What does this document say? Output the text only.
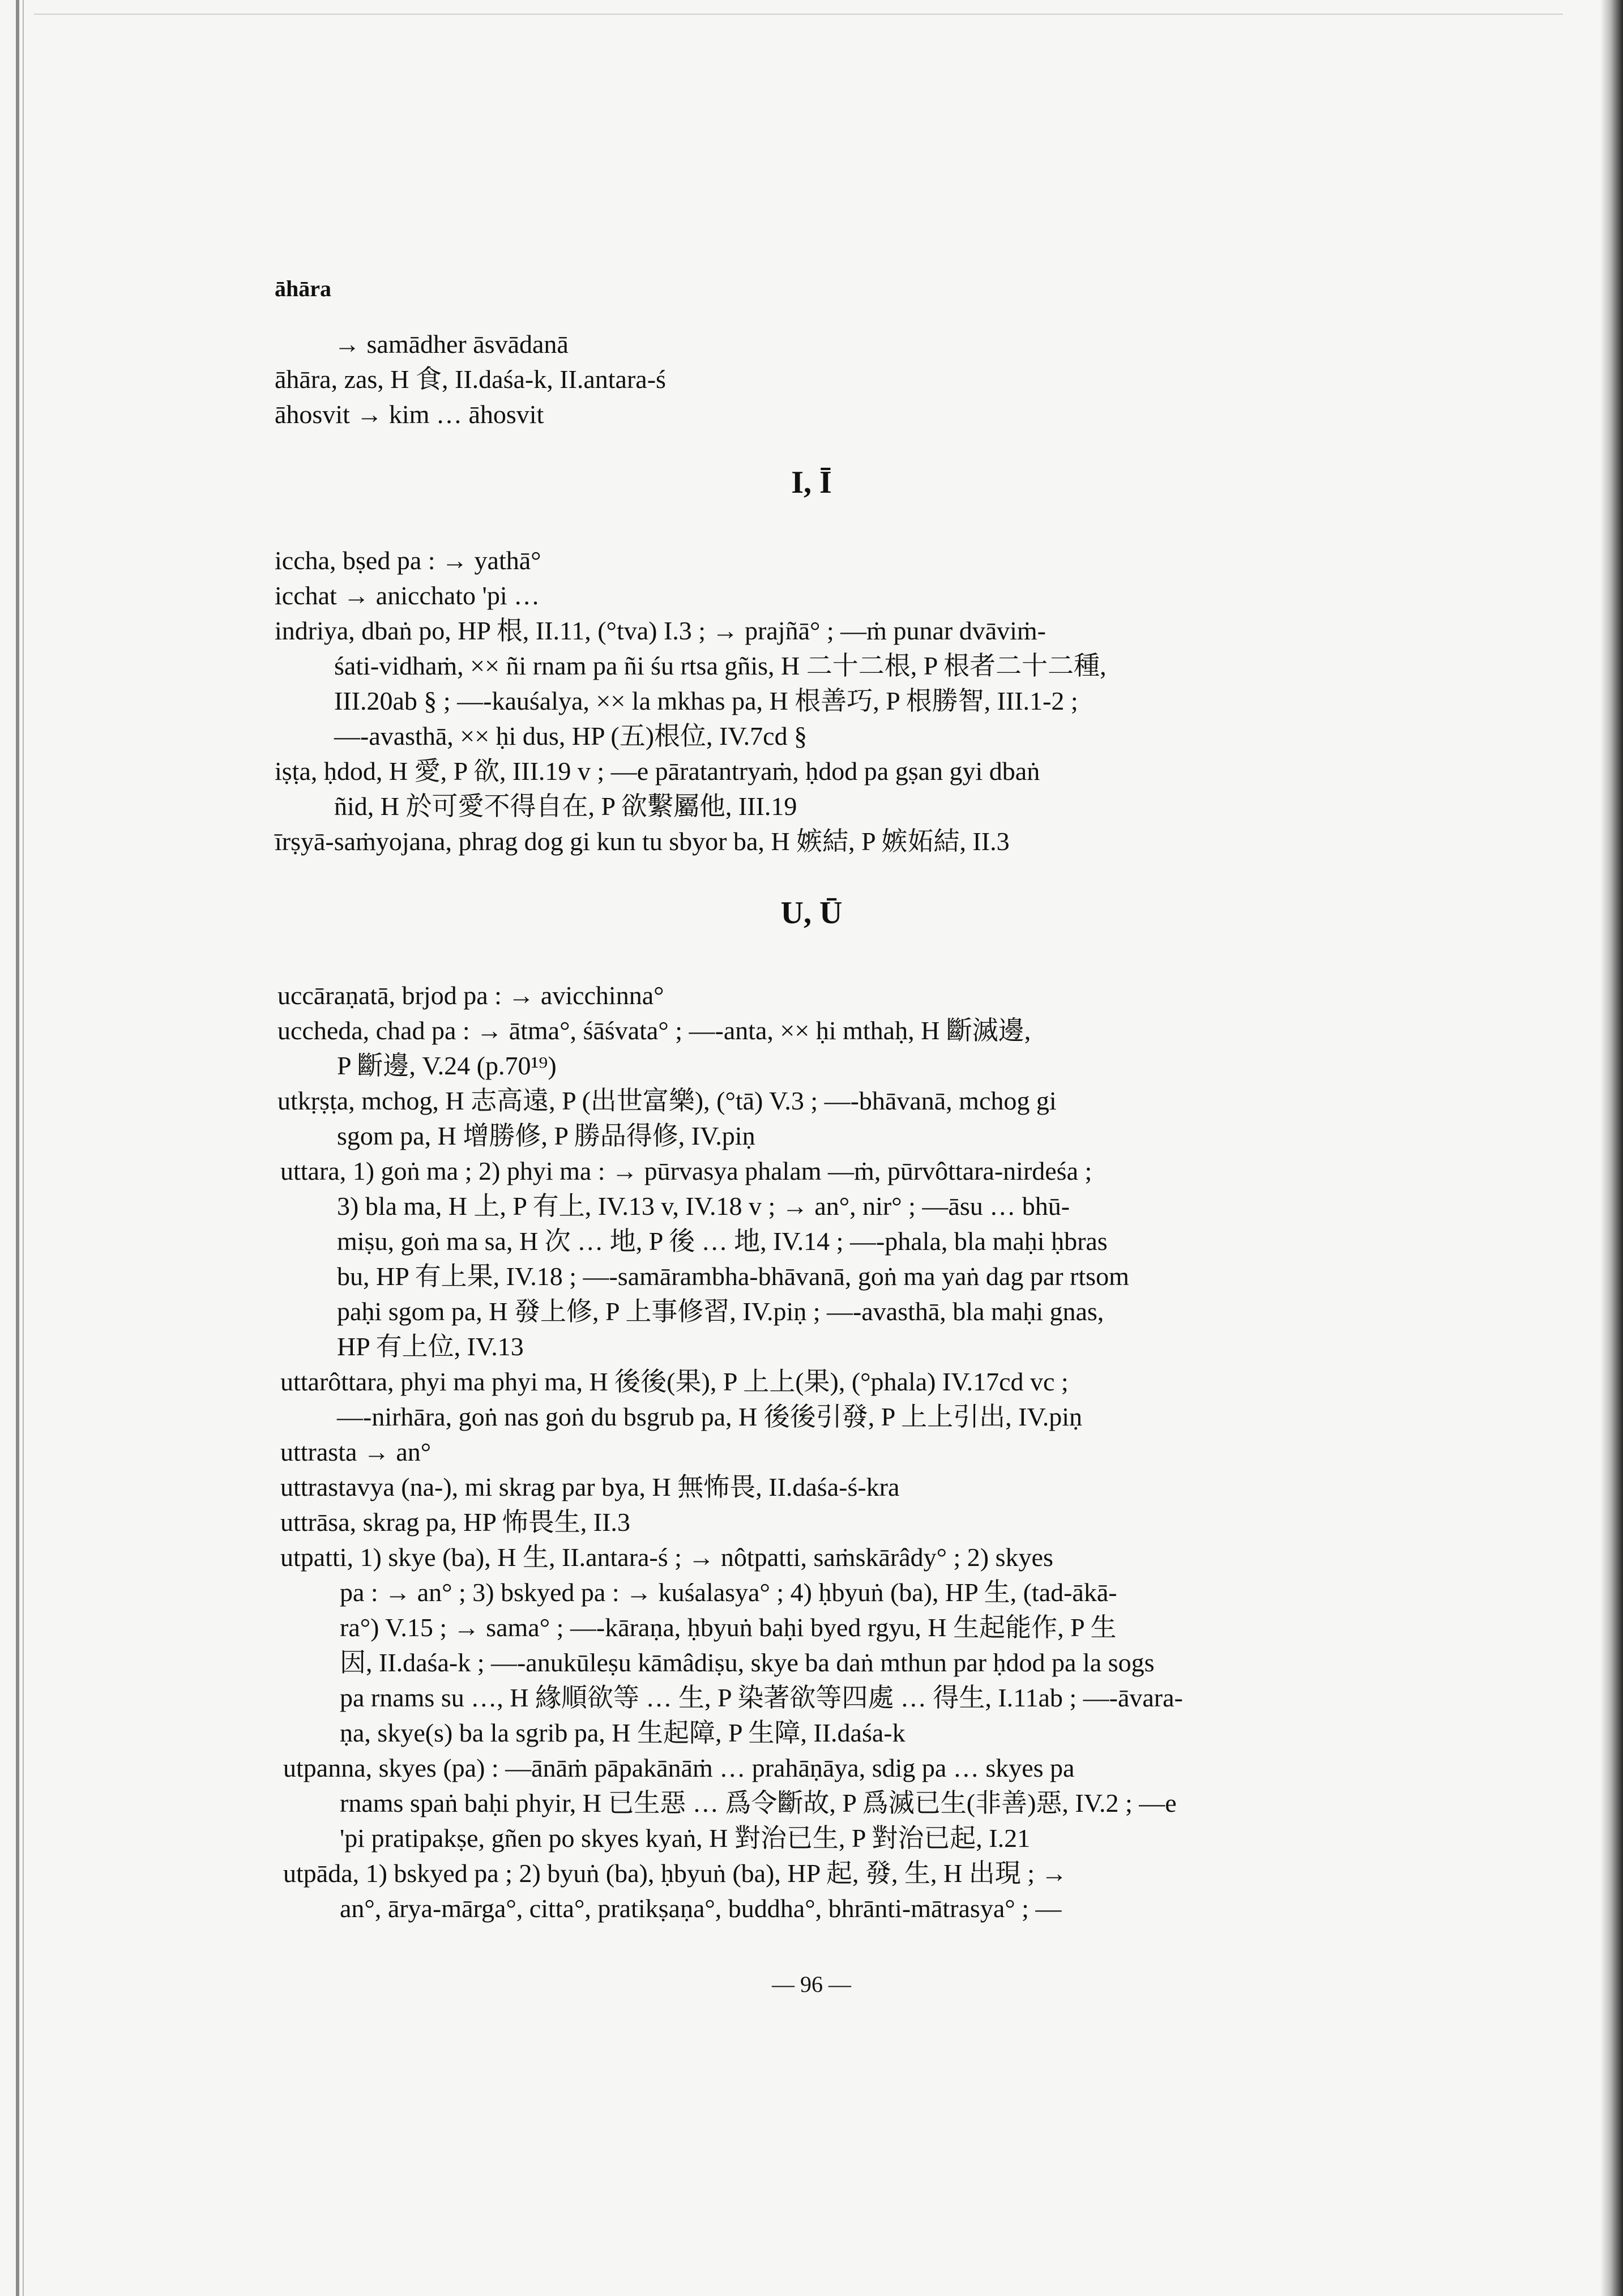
āhāra
→ samādher āsvādanā
āhāra, zas, H 食, II.daśa-k, II.antara-ś
āhosvit → kim … āhosvit
I, Ī
iccha, bṣed pa : → yathā°
icchat → anicchato 'pi …
indriya, dbaṅ po, HP 根, II.11, (°tva) I.3 ; → prajñā° ; —ṁ punar dvāviṁ-
śati-vidhaṁ, ×× ñi rnam pa ñi śu rtsa gñis, H 二十二根, P 根者二十二種,
III.20ab § ; —-kauśalya, ×× la mkhas pa, H 根善巧, P 根勝智, III.1-2 ;
—-avasthā, ×× ḥi dus, HP (五)根位, IV.7cd §
iṣṭa, ḥdod, H 愛, P 欲, III.19 v ; —e pāratantryaṁ, ḥdod pa gṣan gyi dbaṅ
ñid, H 於可愛不得自在, P 欲繫屬他, III.19
īrṣyā-saṁyojana, phrag dog gi kun tu sbyor ba, H 嫉結, P 嫉妬結, II.3
U, Ū
uccāraṇatā, brjod pa : → avicchinna°
uccheda, chad pa : → ātma°, śāśvata° ; —-anta, ×× ḥi mthaḥ, H 斷滅邊,
P 斷邊, V.24 (p.70¹⁹)
utkṛṣṭa, mchog, H 志高遠, P (出世富樂), (°tā) V.3 ; —-bhāvanā, mchog gi
sgom pa, H 增勝修, P 勝品得修, IV.piṇ
uttara, 1) goṅ ma ; 2) phyi ma : → pūrvasya phalam —ṁ, pūrvôttara-nirdeśa ;
3) bla ma, H 上, P 有上, IV.13 v, IV.18 v ; → an°, nir° ; —āsu … bhū-
miṣu, goṅ ma sa, H 次 … 地, P 後 … 地, IV.14 ; —-phala, bla maḥi ḥbras
bu, HP 有上果, IV.18 ; —-samārambha-bhāvanā, goṅ ma yaṅ dag par rtsom
paḥi sgom pa, H 發上修, P 上事修習, IV.piṇ ; —-avasthā, bla maḥi gnas,
HP 有上位, IV.13
uttarôttara, phyi ma phyi ma, H 後後(果), P 上上(果), (°phala) IV.17cd vc ;
—-nirhāra, goṅ nas goṅ du bsgrub pa, H 後後引發, P 上上引出, IV.piṇ
uttrasta → an°
uttrastavya (na-), mi skrag par bya, H 無怖畏, II.daśa-ś-kra
uttrāsa, skrag pa, HP 怖畏生, II.3
utpatti, 1) skye (ba), H 生, II.antara-ś ; → nôtpatti, saṁskārâdy° ; 2) skyes
pa : → an° ; 3) bskyed pa : → kuśalasya° ; 4) ḥbyuṅ (ba), HP 生, (tad-ākā-
ra°) V.15 ; → sama° ; —-kāraṇa, ḥbyuṅ baḥi byed rgyu, H 生起能作, P 生
因, II.daśa-k ; —-anukūleṣu kāmâdiṣu, skye ba daṅ mthun par ḥdod pa la sogs
pa rnams su …, H 緣順欲等 … 生, P 染著欲等四處 … 得生, I.11ab ; —-āvara-
ṇa, skye(s) ba la sgrib pa, H 生起障, P 生障, II.daśa-k
utpanna, skyes (pa) : —ānāṁ pāpakānāṁ … prahāṇāya, sdig pa … skyes pa
rnams spaṅ baḥi phyir, H 已生惡 … 爲令斷故, P 爲滅已生(非善)惡, IV.2 ; —e
'pi pratipakṣe, gñen po skyes kyaṅ, H 對治已生, P 對治已起, I.21
utpāda, 1) bskyed pa ; 2) byuṅ (ba), ḥbyuṅ (ba), HP 起, 發, 生, H 出現 ; →
an°, ārya-mārga°, citta°, pratikṣaṇa°, buddha°, bhrānti-mātrasya° ; —
— 96 —
